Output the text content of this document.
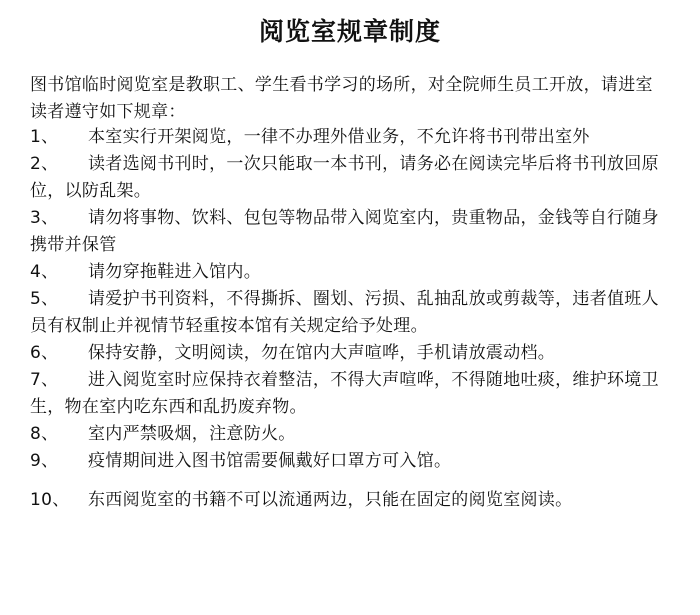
阅览室规章制度
图书馆临时阅览室是教职工、学生看书学习的场所，对全院师生员工开放，请进室读者遵守如下规章：
1、 本室实行开架阅览，一律不办理外借业务，不允许将书刊带出室外
2、 读者选阅书刊时，一次只能取一本书刊，请务必在阅读完毕后将书刊放回原位，以防乱架。
3、 请勿将事物、饮料、包包等物品带入阅览室内，贵重物品，金钱等自行随身携带并保管
4、 请勿穿拖鞋进入馆内。
5、 请爱护书刊资料，不得撕拆、圈划、污损、乱抽乱放或剪裁等，违者值班人员有权制止并视情节轻重按本馆有关规定给予处理。
6、 保持安静，文明阅读，勿在馆内大声喧哗，手机请放震动档。
7、 进入阅览室时应保持衣着整洁，不得大声喧哗，不得随地吐痰，维护环境卫生，物在室内吃东西和乱扔废弃物。
8、 室内严禁吸烟，注意防火。
9、 疫情期间进入图书馆需要佩戴好口罩方可入馆。
10、 东西阅览室的书籍不可以流通两边，只能在固定的阅览室阅读。
